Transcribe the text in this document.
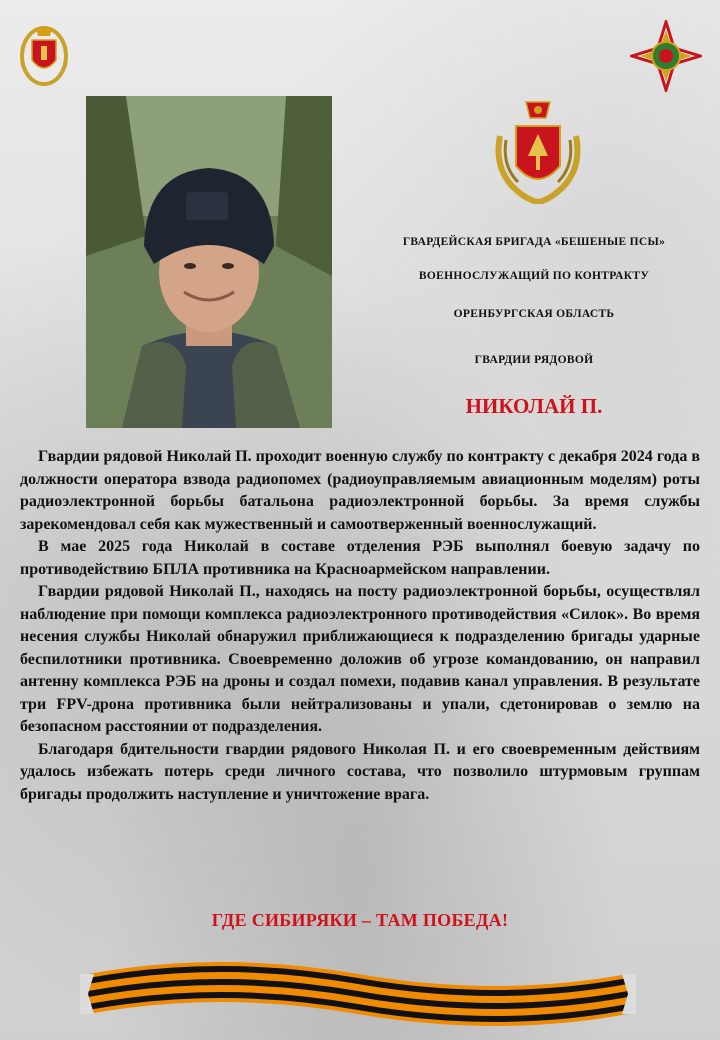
ГВАРДЕЙСКАЯ БРИГАДА «БЕШЕНЫЕ ПСЫ»
ВОЕННОСЛУЖАЩИЙ ПО КОНТРАКТУ
ОРЕНБУРГСКАЯ ОБЛАСТЬ
ГВАРДИИ РЯДОВОЙ
НИКОЛАЙ П.

Гвардии рядовой Николай П. проходит военную службу по контракту с декабря 2024 года в должности оператора взвода радиопомех (радиоуправляемым авиационным моделям) роты радиоэлектронной борьбы батальона радиоэлектронной борьбы. За время службы зарекомендовал себя как мужественный и самоотверженный военнослужащий.

В мае 2025 года Николай в составе отделения РЭБ выполнял боевую задачу по противодействию БПЛА противника на Красноармейском направлении.

Гвардии рядовой Николай П., находясь на посту радиоэлектронной борьбы, осуществлял наблюдение при помощи комплекса радиоэлектронного противодействия «Силок». Во время несения службы Николай обнаружил приближающиеся к подразделению бригады ударные беспилотники противника. Своевременно доложив об угрозе командованию, он направил антенну комплекса РЭБ на дроны и создал помехи, подавив канал управления. В результате три FPV-дрона противника были нейтрализованы и упали, сдетонировав о землю на безопасном расстоянии от подразделения.

Благодаря бдительности гвардии рядового Николая П. и его своевременным действиям удалось избежать потерь среди личного состава, что позволило штурмовым группам бригады продолжить наступление и уничтожение врага.

ГДЕ СИБИРЯКИ – ТАМ ПОБЕДА!
